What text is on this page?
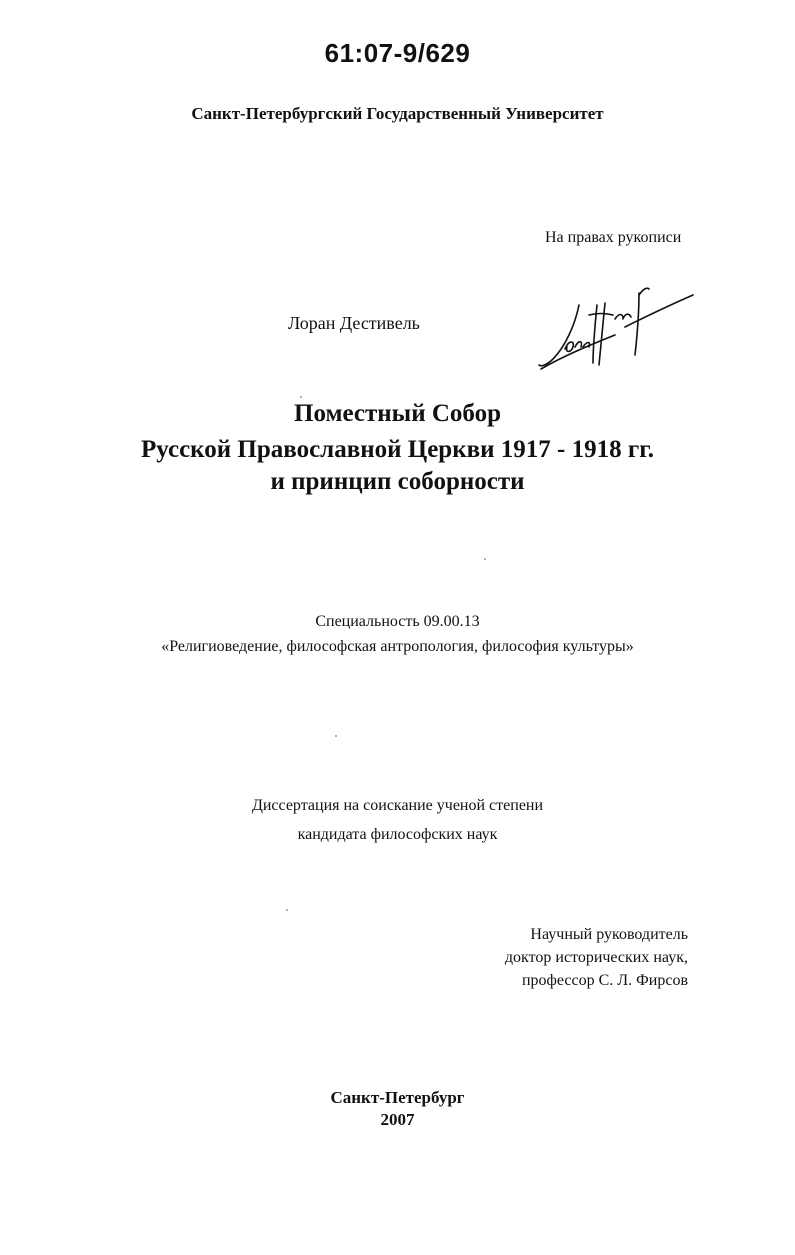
61:07-9/629
Санкт-Петербургский Государственный Университет
На правах рукописи
Лоран Дестивель
Поместный Собор
Русской Православной Церкви 1917 - 1918 гг.
и принцип соборности
Специальность 09.00.13
«Религиоведение, философская антропология, философия культуры»
Диссертация на соискание ученой степени
кандидата философских наук
Научный руководитель
доктор исторических наук,
профессор С. Л. Фирсов
Санкт-Петербург
2007
